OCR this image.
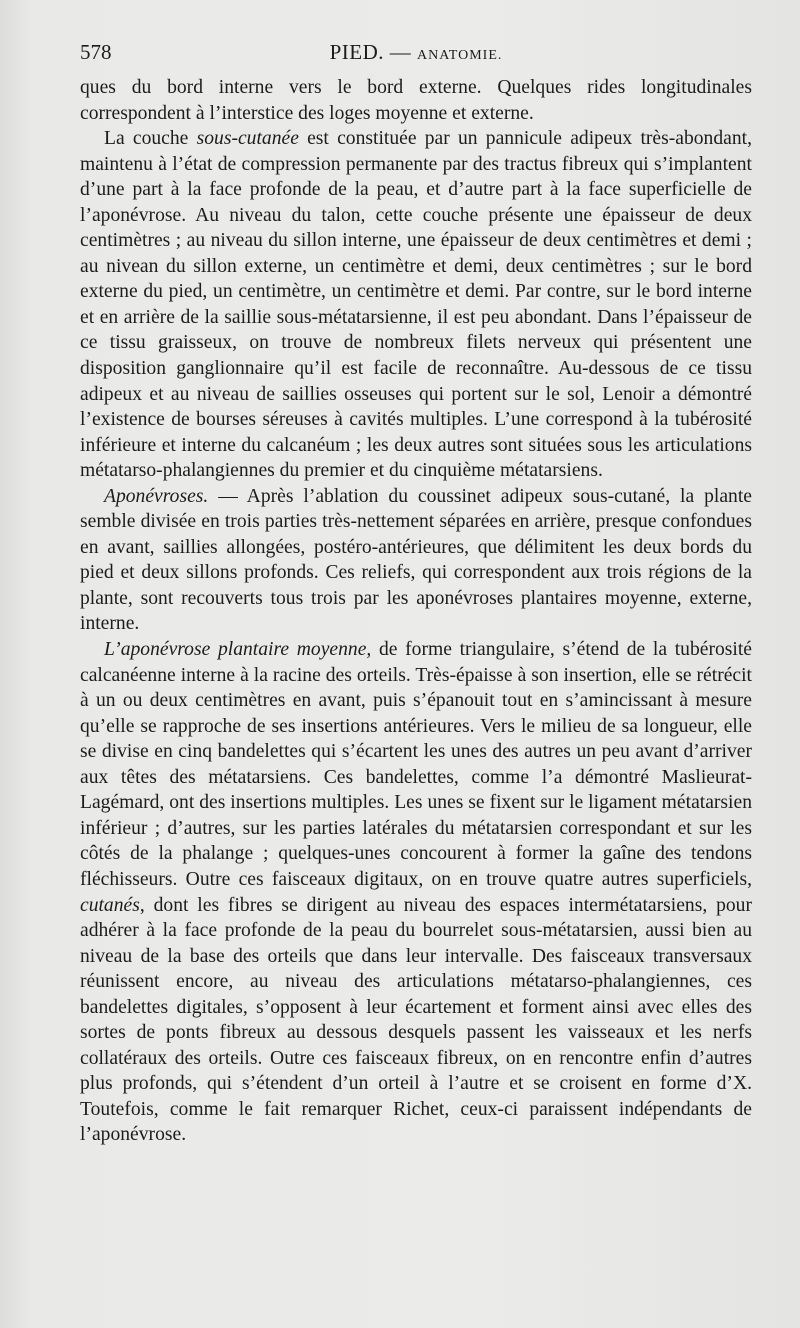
578	PIED. — ANATOMIE.

ques du bord interne vers le bord externe. Quelques rides longitudinales correspondent à l’interstice des loges moyenne et externe.

La couche sous-cutanée est constituée par un pannicule adipeux très-abondant, maintenu à l’état de compression permanente par des tractus fibreux qui s’implantent d’une part à la face profonde de la peau, et d’autre part à la face superficielle de l’aponévrose. Au niveau du talon, cette couche présente une épaisseur de deux centimètres ; au niveau du sillon interne, une épaisseur de deux centimètres et demi ; au nivean du sillon externe, un centimètre et demi, deux centimètres ; sur le bord externe du pied, un centimètre, un centimètre et demi. Par contre, sur le bord interne et en arrière de la saillie sous-métatarsienne, il est peu abondant. Dans l’épaisseur de ce tissu graisseux, on trouve de nombreux filets nerveux qui présentent une disposition ganglionnaire qu’il est facile de reconnaître. Au-dessous de ce tissu adipeux et au niveau de saillies osseuses qui portent sur le sol, Lenoir a démontré l’existence de bourses séreuses à cavités multiples. L’une correspond à la tubérosité inférieure et interne du calcanéum ; les deux autres sont situées sous les articulations métatarso-phalangiennes du premier et du cinquième métatarsiens.

Aponévroses. — Après l’ablation du coussinet adipeux sous-cutané, la plante semble divisée en trois parties très-nettement séparées en arrière, presque confondues en avant, saillies allongées, postéro-antérieures, que délimitent les deux bords du pied et deux sillons profonds. Ces reliefs, qui correspondent aux trois régions de la plante, sont recouverts tous trois par les aponévroses plantaires moyenne, externe, interne.

L’aponévrose plantaire moyenne, de forme triangulaire, s’étend de la tubérosité calcanéenne interne à la racine des orteils. Très-épaisse à son insertion, elle se rétrécit à un ou deux centimètres en avant, puis s’épanouit tout en s’amincissant à mesure qu’elle se rapproche de ses insertions antérieures. Vers le milieu de sa longueur, elle se divise en cinq bandelettes qui s’écartent les unes des autres un peu avant d’arriver aux têtes des métatarsiens. Ces bandelettes, comme l’a démontré Maslieurat-Lagémard, ont des insertions multiples. Les unes se fixent sur le ligament métatarsien inférieur ; d’autres, sur les parties latérales du métatarsien correspondant et sur les côtés de la phalange ; quelques-unes concourent à former la gaîne des tendons fléchisseurs. Outre ces faisceaux digitaux, on en trouve quatre autres superficiels, cutanés, dont les fibres se dirigent au niveau des espaces intermétatarsiens, pour adhérer à la face profonde de la peau du bourrelet sous-métatarsien, aussi bien au niveau de la base des orteils que dans leur intervalle. Des faisceaux transversaux réunissent encore, au niveau des articulations métatarso-phalangiennes, ces bandelettes digitales, s’opposent à leur écartement et forment ainsi avec elles des sortes de ponts fibreux au dessous desquels passent les vaisseaux et les nerfs collatéraux des orteils. Outre ces faisceaux fibreux, on en rencontre enfin d’autres plus profonds, qui s’étendent d’un orteil à l’autre et se croisent en forme d’X. Toutefois, comme le fait remarquer Richet, ceux-ci paraissent indépendants de l’aponévrose.
